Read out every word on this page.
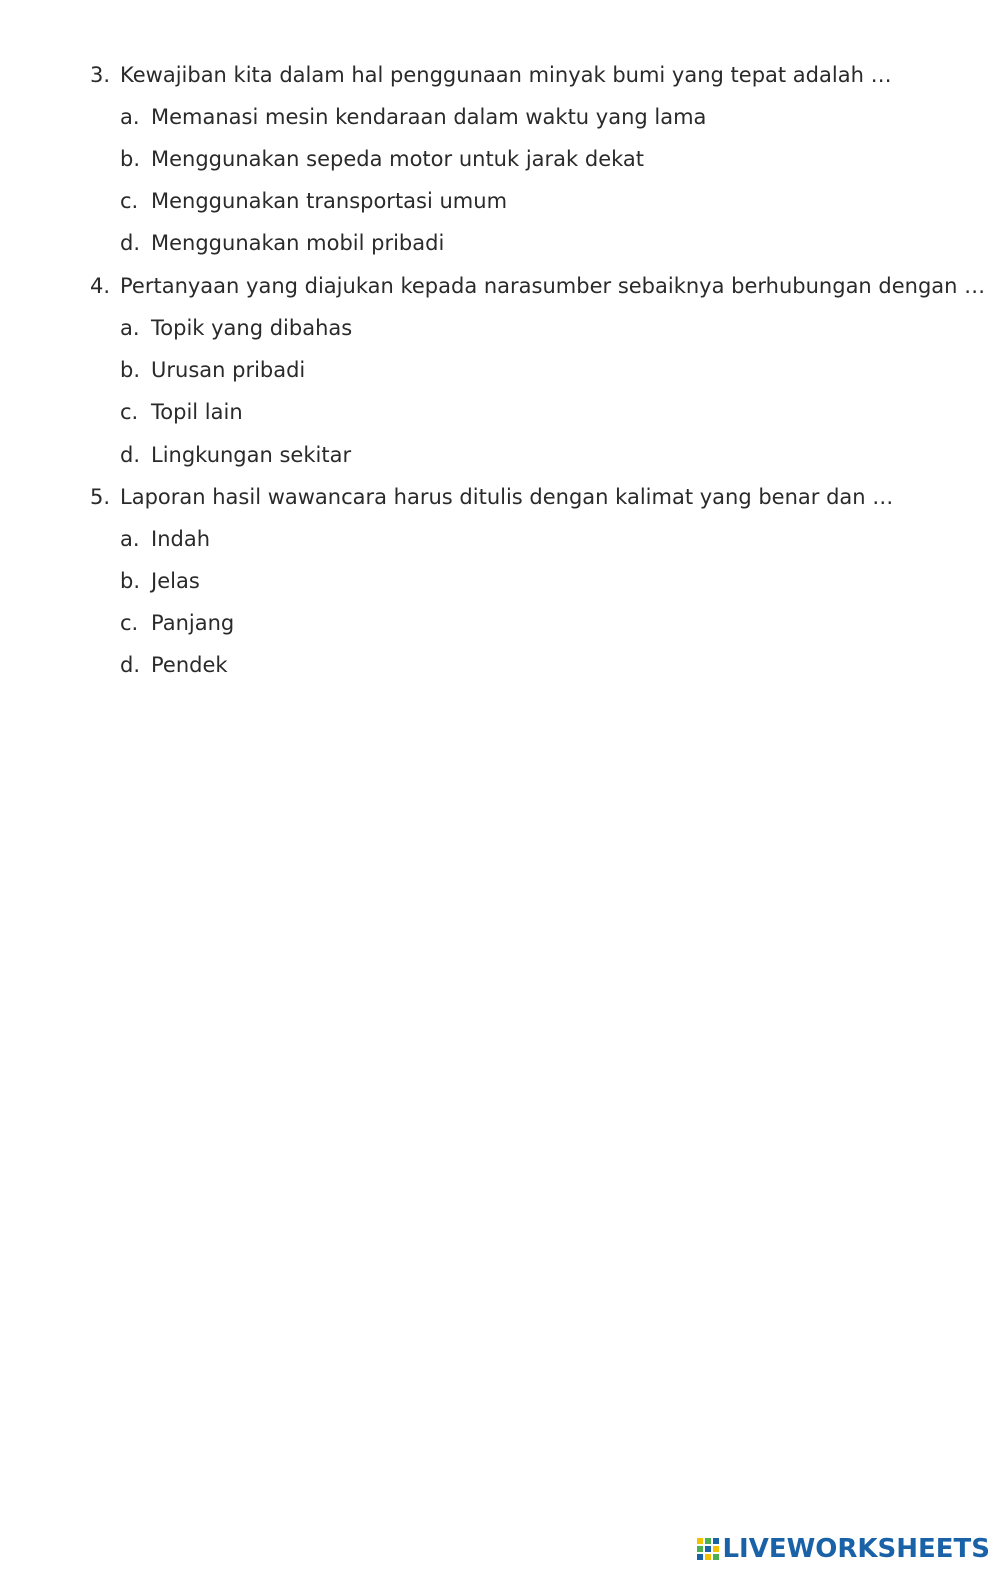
3. Kewajiban kita dalam hal penggunaan minyak bumi yang tepat adalah …
a. Memanasi mesin kendaraan dalam waktu yang lama
b. Menggunakan sepeda motor untuk jarak dekat
c. Menggunakan transportasi umum
d. Menggunakan mobil pribadi
4. Pertanyaan yang diajukan kepada narasumber sebaiknya berhubungan dengan …
a. Topik yang dibahas
b. Urusan pribadi
c. Topil lain
d. Lingkungan sekitar
5. Laporan hasil wawancara harus ditulis dengan kalimat yang benar dan …
a. Indah
b. Jelas
c. Panjang
d. Pendek
LIVEWORKSHEETS
